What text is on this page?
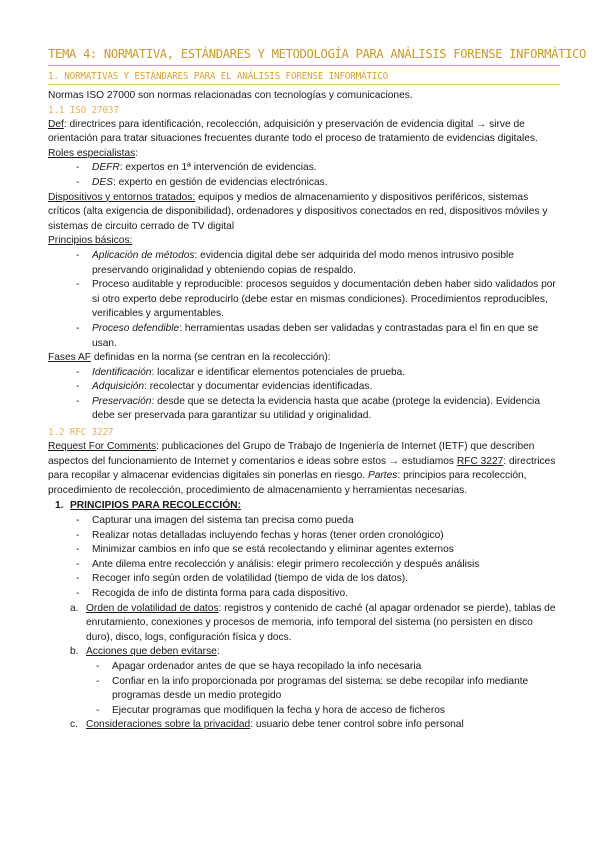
TEMA 4: NORMATIVA, ESTÁNDARES Y METODOLOGÍA PARA ANÁLISIS FORENSE INFORMÁTICO
1. NORMATIVAS Y ESTÁNDARES PARA EL ANÁLISIS FORENSE INFORMÁTICO

Normas ISO 27000 son normas relacionadas con tecnologías y comunicaciones.

1.1 ISO 27037

Def: directrices para identificación, recolección, adquisición y preservación de evidencia digital → sirve de orientación para tratar situaciones frecuentes durante todo el proceso de tratamiento de evidencias digitales. Roles especialistas:

- DEFR: expertos en 1ª intervención de evidencias.
- DES: experto en gestión de evidencias electrónicas.

Dispositivos y entornos tratados: equipos y medios de almacenamiento y dispositivos periféricos, sistemas críticos (alta exigencia de disponibilidad), ordenadores y dispositivos conectados en red, dispositivos móviles y sistemas de circuito cerrado de TV digital

Principios básicos:

- Aplicación de métodos: evidencia digital debe ser adquirida del modo menos intrusivo posible preservando originalidad y obteniendo copias de respaldo.
- Proceso auditable y reproducible: procesos seguidos y documentación deben haber sido validados por si otro experto debe reproducirlo (debe estar en mismas condiciones). Procedimientos reproducibles, verificables y argumentables.
- Proceso defendible: herramientas usadas deben ser validadas y contrastadas para el fin en que se usan.

Fases AF definidas en la norma (se centran en la recolección):

- Identificación: localizar e identificar elementos potenciales de prueba.
- Adquisición: recolectar y documentar evidencias identificadas.
- Preservación: desde que se detecta la evidencia hasta que acabe (protege la evidencia). Evidencia debe ser preservada para garantizar su utilidad y originalidad.
1.2 RFC 3227

Request For Comments: publicaciones del Grupo de Trabajo de Ingeniería de Internet (IETF) que describen aspectos del funcionamiento de Internet y comentarios e ideas sobre estos → estudiamos RFC 3227: directrices para recopilar y almacenar evidencias digitales sin ponerlas en riesgo. Partes: principios para recolección, procedimiento de recolección, procedimiento de almacenamiento y herramientas necesarias.

1. PRINCIPIOS PARA RECOLECCIÓN:
- Capturar una imagen del sistema tan precisa como pueda
- Realizar notas detalladas incluyendo fechas y horas (tener orden cronológico)
- Minimizar cambios en info que se está recolectando y eliminar agentes externos
- Ante dilema entre recolección y análisis: elegir primero recolección y después análisis
- Recoger info según orden de volatilidad (tiempo de vida de los datos).
- Recogida de info de distinta forma para cada dispositivo.
a. Orden de volatilidad de datos: registros y contenido de caché (al apagar ordenador se pierde), tablas de enrutamiento, conexiones y procesos de memoria, info temporal del sistema (no persisten en disco duro), disco, logs, configuración física y docs.
b. Acciones que deben evitarse:
- Apagar ordenador antes de que se haya recopilado la info necesaria
- Confiar en la info proporcionada por programas del sistema: se debe recopilar info mediante programas desde un medio protegido
- Ejecutar programas que modifiquen la fecha y hora de acceso de ficheros
c. Consideraciones sobre la privacidad: usuario debe tener control sobre info personal
